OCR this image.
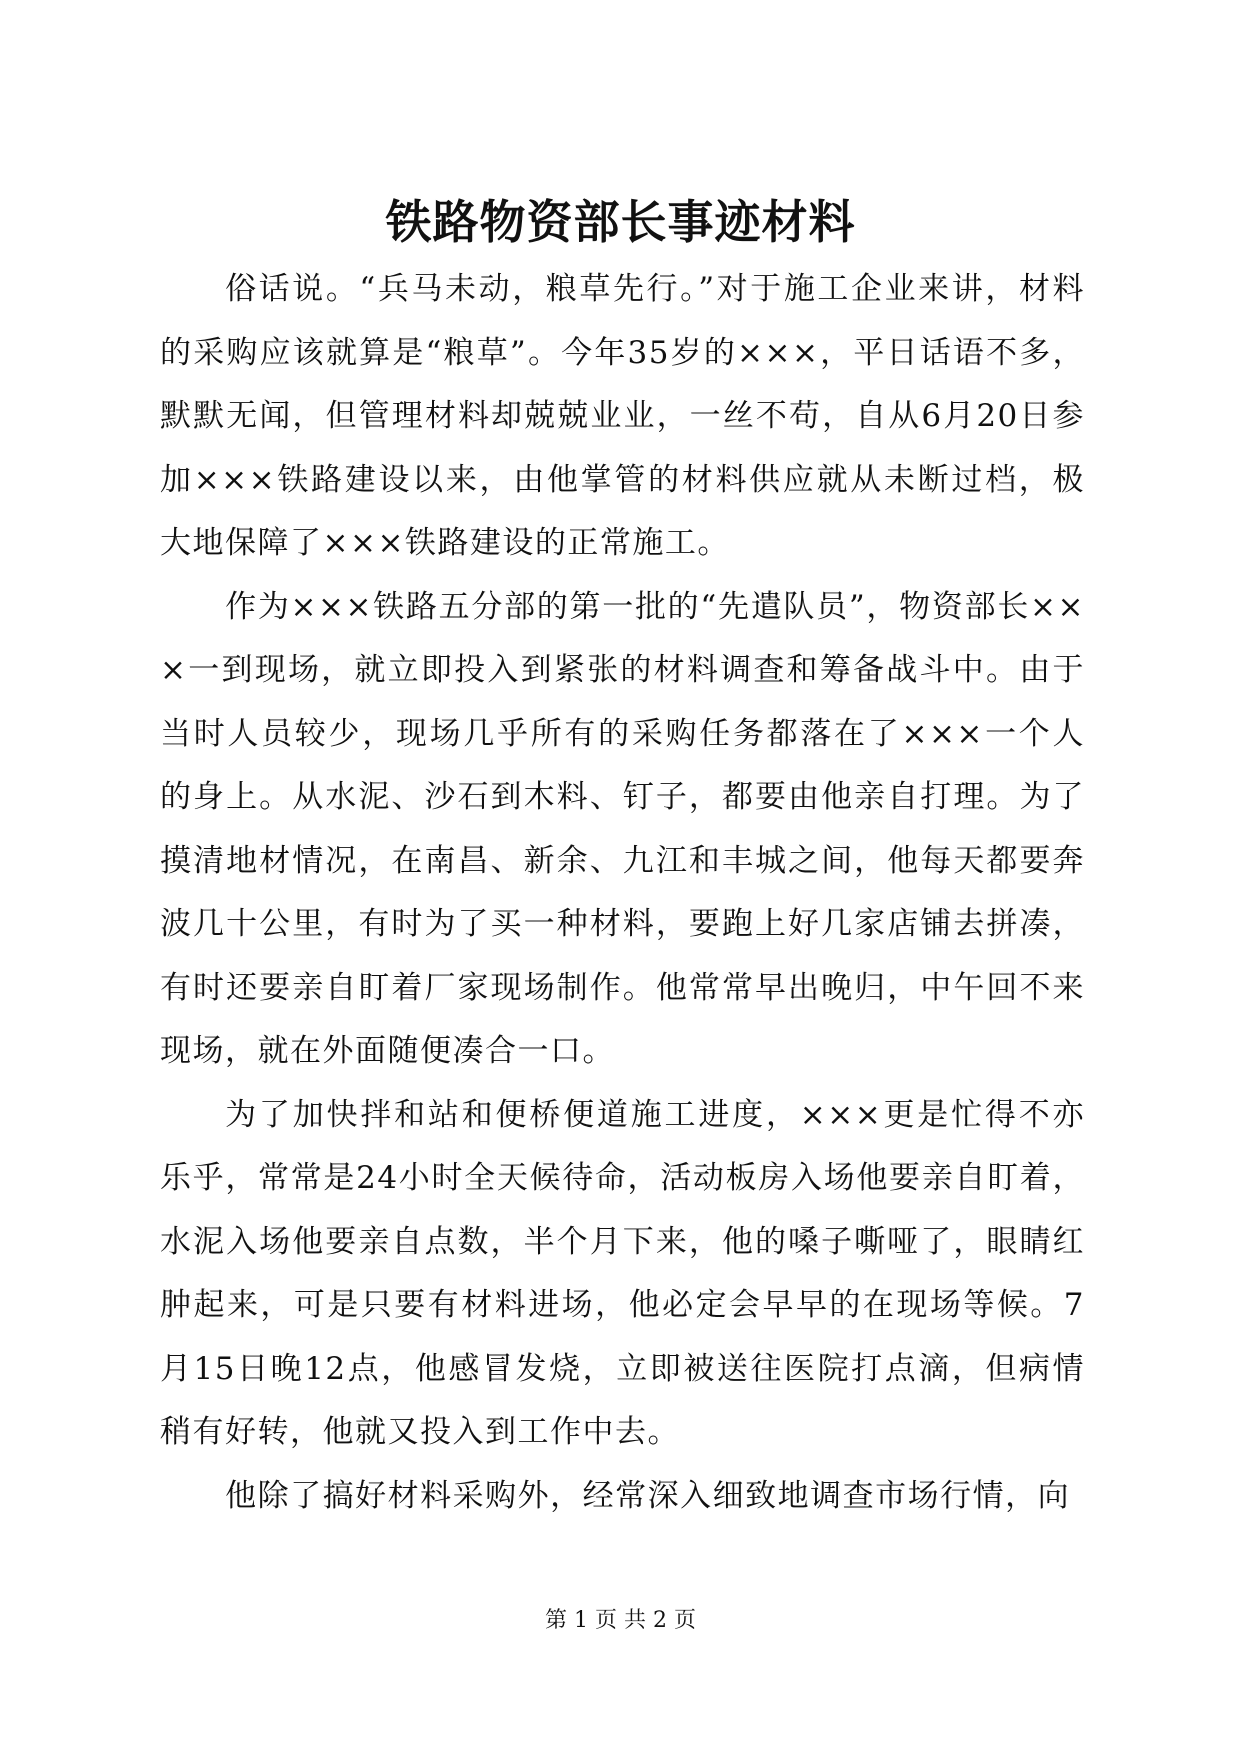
铁路物资部长事迹材料

俗话说。“兵马未动，粮草先行。”对于施工企业来讲，材料的采购应该就算是“粮草”。今年35岁的×××，平日话语不多，默默无闻，但管理材料却兢兢业业，一丝不苟，自从6月20日参加×××铁路建设以来，由他掌管的材料供应就从未断过档，极大地保障了×××铁路建设的正常施工。

作为×××铁路五分部的第一批的“先遣队员”，物资部长×××一到现场，就立即投入到紧张的材料调查和筹备战斗中。由于当时人员较少，现场几乎所有的采购任务都落在了×××一个人的身上。从水泥、沙石到木料、钉子，都要由他亲自打理。为了摸清地材情况，在南昌、新余、九江和丰城之间，他每天都要奔波几十公里，有时为了买一种材料，要跑上好几家店铺去拼凑，有时还要亲自盯着厂家现场制作。他常常早出晚归，中午回不来现场，就在外面随便凑合一口。

为了加快拌和站和便桥便道施工进度，×××更是忙得不亦乐乎，常常是24小时全天候待命，活动板房入场他要亲自盯着，水泥入场他要亲自点数，半个月下来，他的嗓子嘶哑了，眼睛红肿起来，可是只要有材料进场，他必定会早早的在现场等候。7月15日晚12点，他感冒发烧，立即被送往医院打点滴，但病情稍有好转，他就又投入到工作中去。

他除了搞好材料采购外，经常深入细致地调查市场行情，向

第 1 页 共 2 页
